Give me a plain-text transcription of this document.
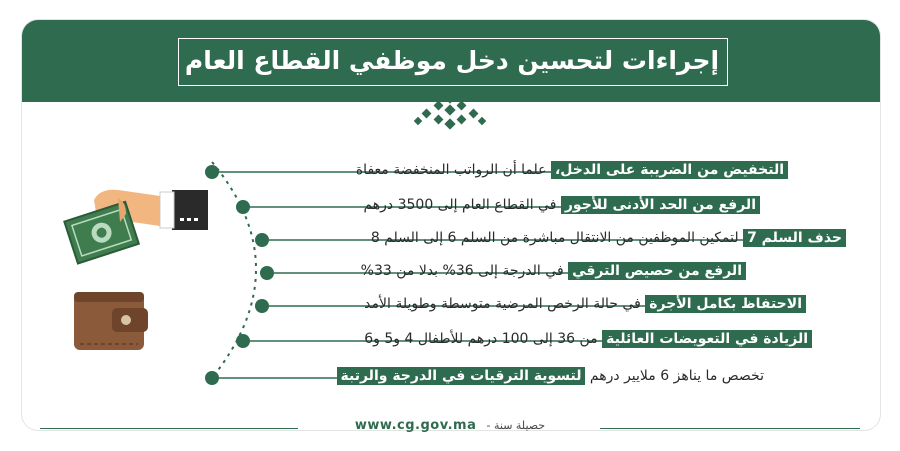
إجراءات لتحسين دخل موظفي القطاع العام
التخفيض من الضريبة على الدخل، علما أن الرواتب المنخفضة معفاة
الرفع من الحد الأدنى للأجور في القطاع العام إلى 3500 درهم
حذف السلم 7 لتمكين الموظفين من الانتقال مباشرة من السلم 6 إلى السلم 8
الرفع من حصيص الترقي في الدرجة إلى 36% بدلا من 33%
الاحتفاظ بكامل الأجرة في حالة الرخص المرضية متوسطة وطويلة الأمد
الزيادة في التعويضات العائلية من 36 إلى 100 درهم للأطفال 4 و5 و6
تخصص ما يناهز 6 ملايير درهم لتسوية الترقيات في الدرجة والرتبة
www.cg.gov.ma - حصيلة سنة
